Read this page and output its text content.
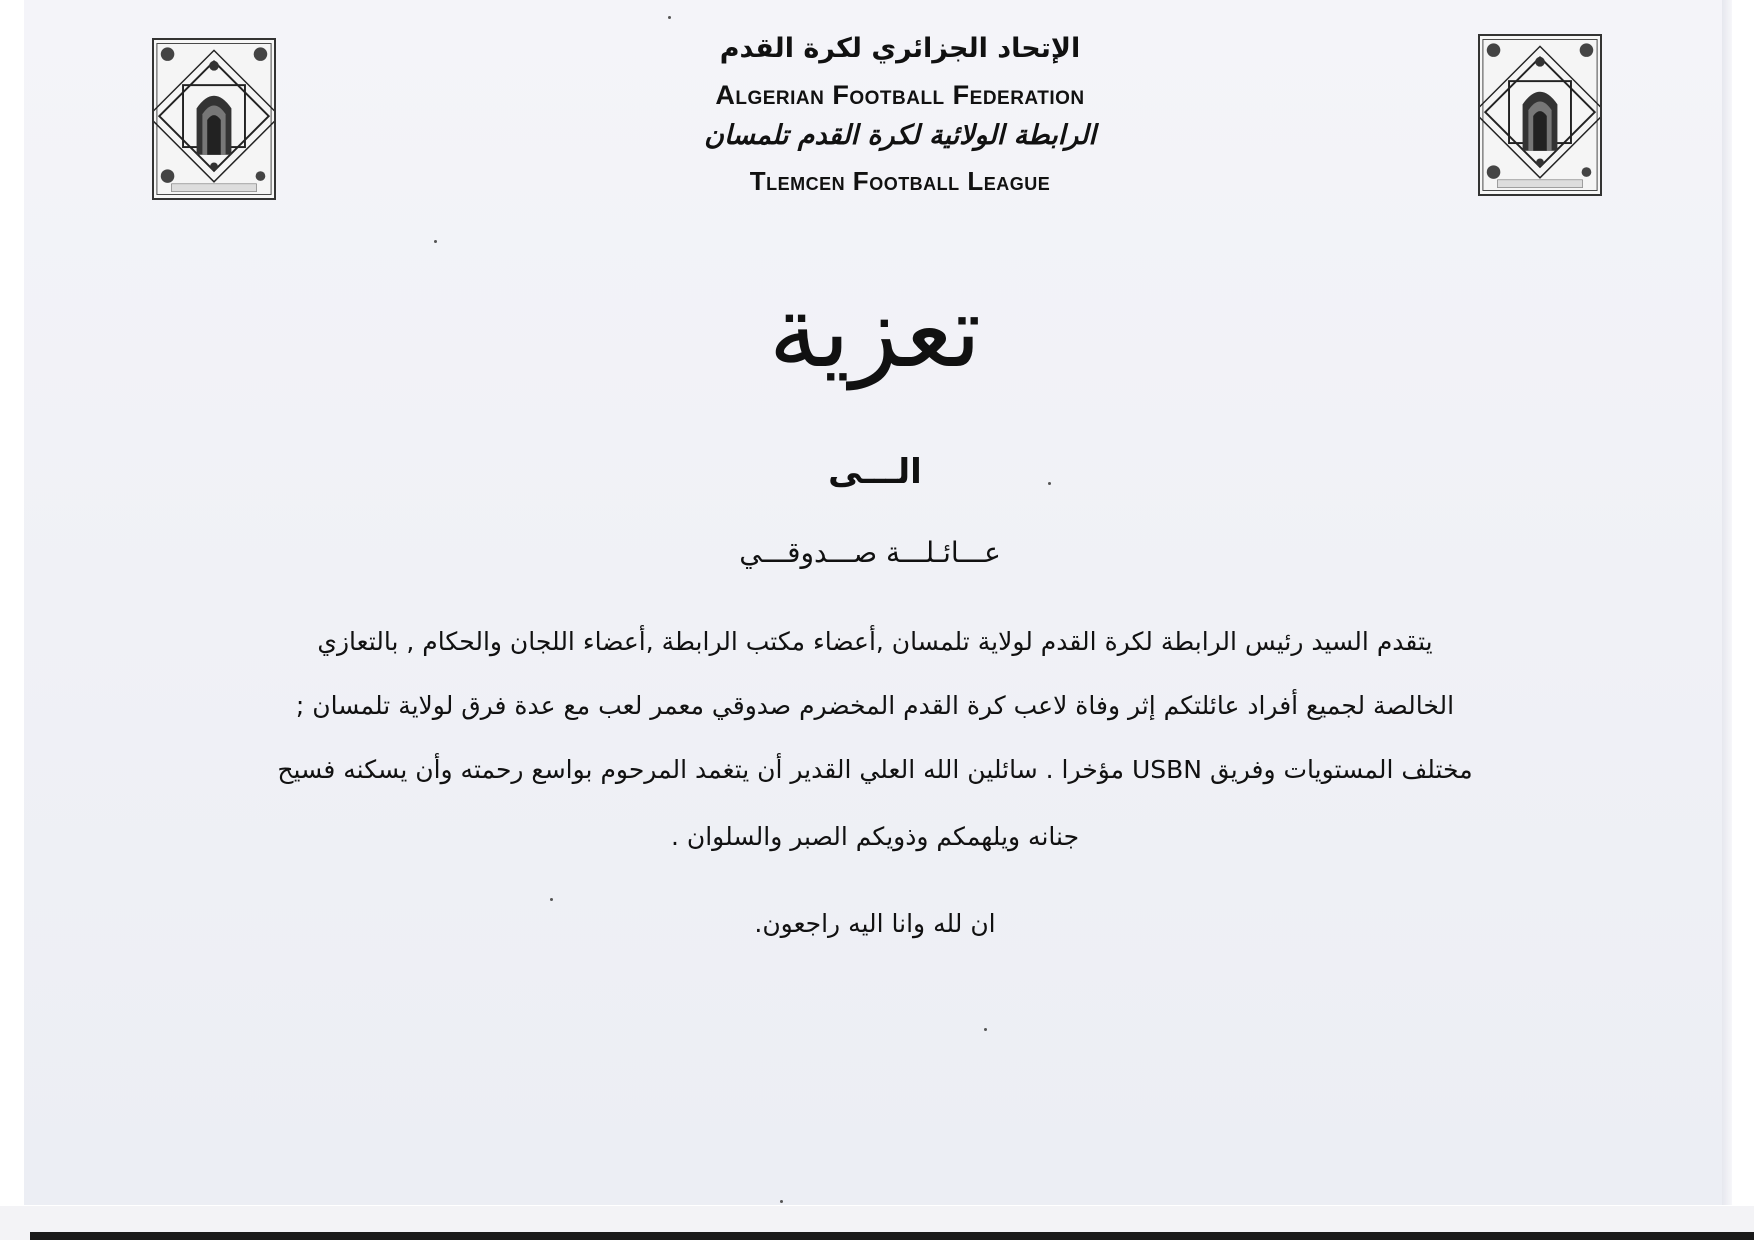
الإتحاد الجزائري لكرة القدم
Algerian Football Federation
الرابطة الولائية لكرة القدم تلمسان
Tlemcen Football League
تعزية
الـــى
عـــائـلـــة صـــدوقـــي
يتقدم السيد رئيس الرابطة لكرة القدم لولاية تلمسان ,أعضاء مكتب الرابطة ,أعضاء اللجان والحكام , بالتعازي
الخالصة لجميع أفراد عائلتكم إثر وفاة لاعب كرة القدم المخضرم صدوقي معمر لعب مع عدة فرق لولاية تلمسان ;
مختلف المستويات وفريق USBN مؤخرا . سائلين الله العلي القدير أن يتغمد المرحوم بواسع رحمته وأن يسكنه فسيح
جنانه ويلهمكم وذويكم الصبر والسلوان .
ان لله وانا اليه راجعون.
